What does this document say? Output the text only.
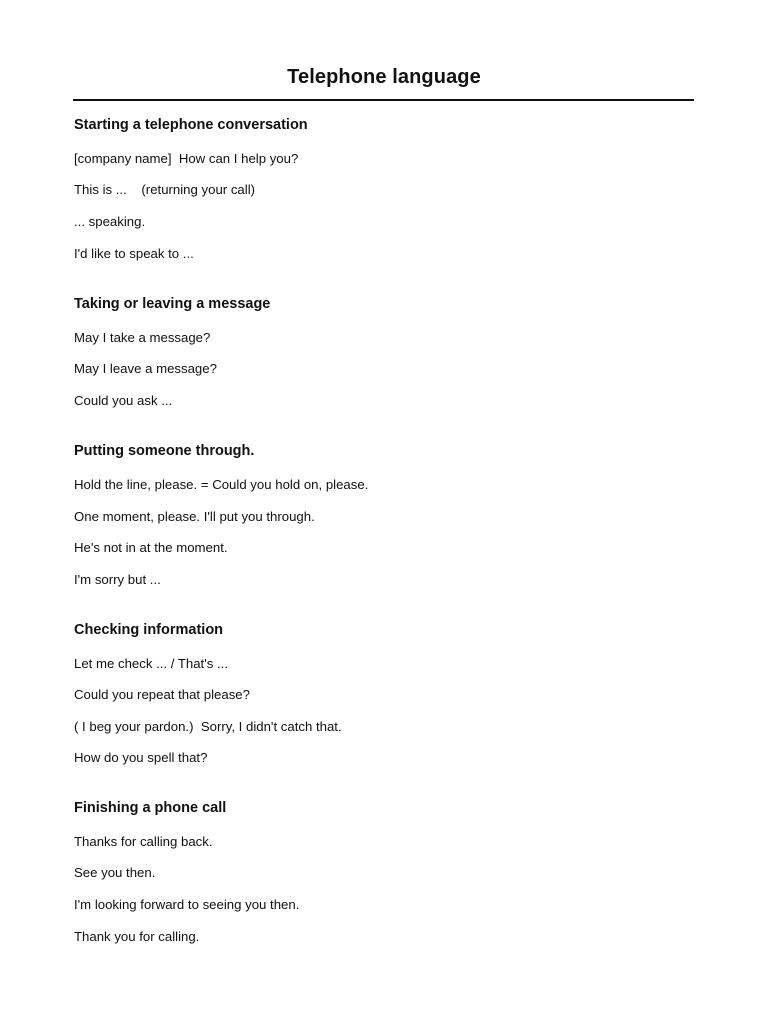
Telephone language
Starting a telephone conversation
[company name]  How can I help you?
This is ...    (returning your call)
... speaking.
I'd like to speak to ...
Taking or leaving a message
May I take a message?
May I leave a message?
Could you ask ...
Putting someone through.
Hold the line, please. = Could you hold on, please.
One moment, please. I'll put you through.
He's not in at the moment.
I'm sorry but ...
Checking information
Let me check ... / That's ...
Could you repeat that please?
( I beg your pardon.)  Sorry, I didn't catch that.
How do you spell that?
Finishing a phone call
Thanks for calling back.
See you then.
I'm looking forward to seeing you then.
Thank you for calling.
